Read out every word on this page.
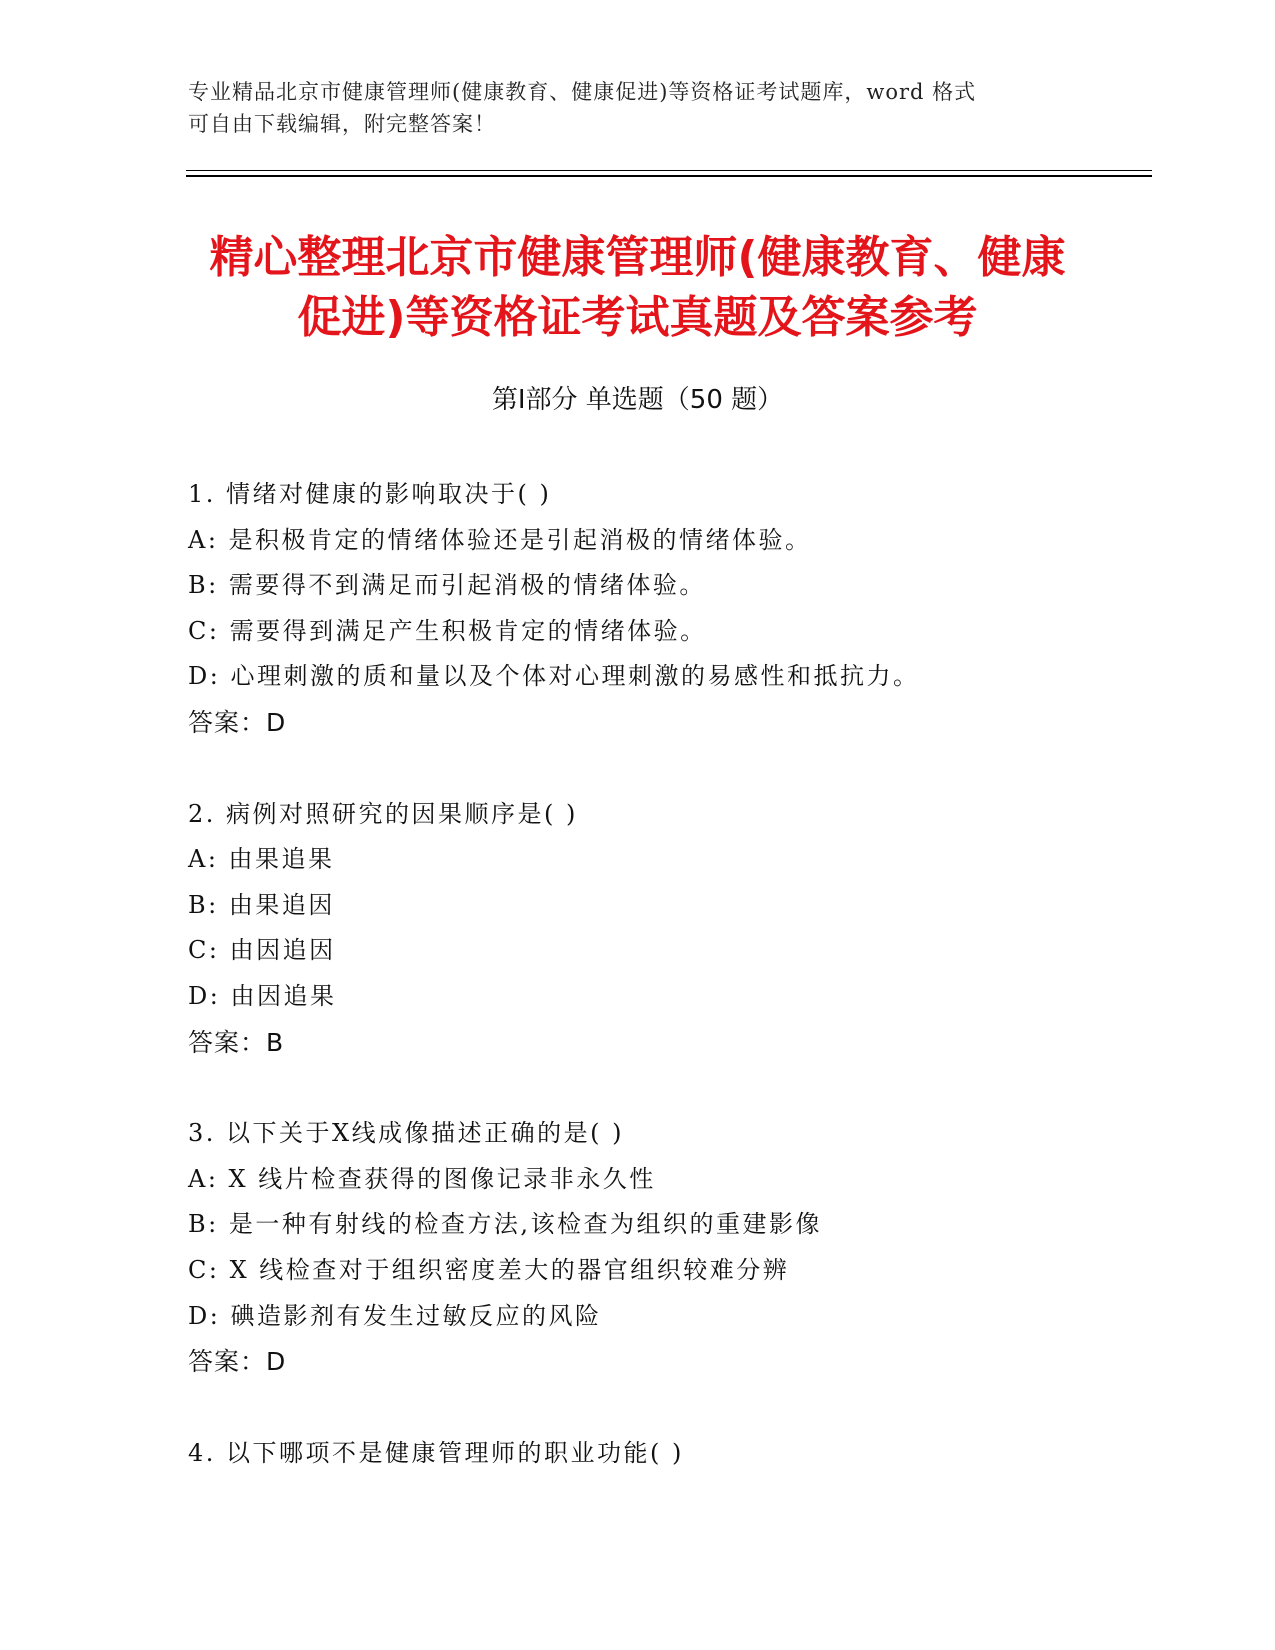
专业精品北京市健康管理师(健康教育、健康促进)等资格证考试题库，word 格式
可自由下载编辑，附完整答案！
精心整理北京市健康管理师(健康教育、健康
促进)等资格证考试真题及答案参考
第Ⅰ部分 单选题（50 题）
1. 情绪对健康的影响取决于( )
A: 是积极肯定的情绪体验还是引起消极的情绪体验。
B: 需要得不到满足而引起消极的情绪体验。
C: 需要得到满足产生积极肯定的情绪体验。
D: 心理刺激的质和量以及个体对心理刺激的易感性和抵抗力。
答案：D
2. 病例对照研究的因果顺序是( )
A: 由果追果
B: 由果追因
C: 由因追因
D: 由因追果
答案：B
3. 以下关于X线成像描述正确的是( )
A: X 线片检查获得的图像记录非永久性
B: 是一种有射线的检查方法,该检查为组织的重建影像
C: X 线检查对于组织密度差大的器官组织较难分辨
D: 碘造影剂有发生过敏反应的风险
答案：D
4. 以下哪项不是健康管理师的职业功能( )
